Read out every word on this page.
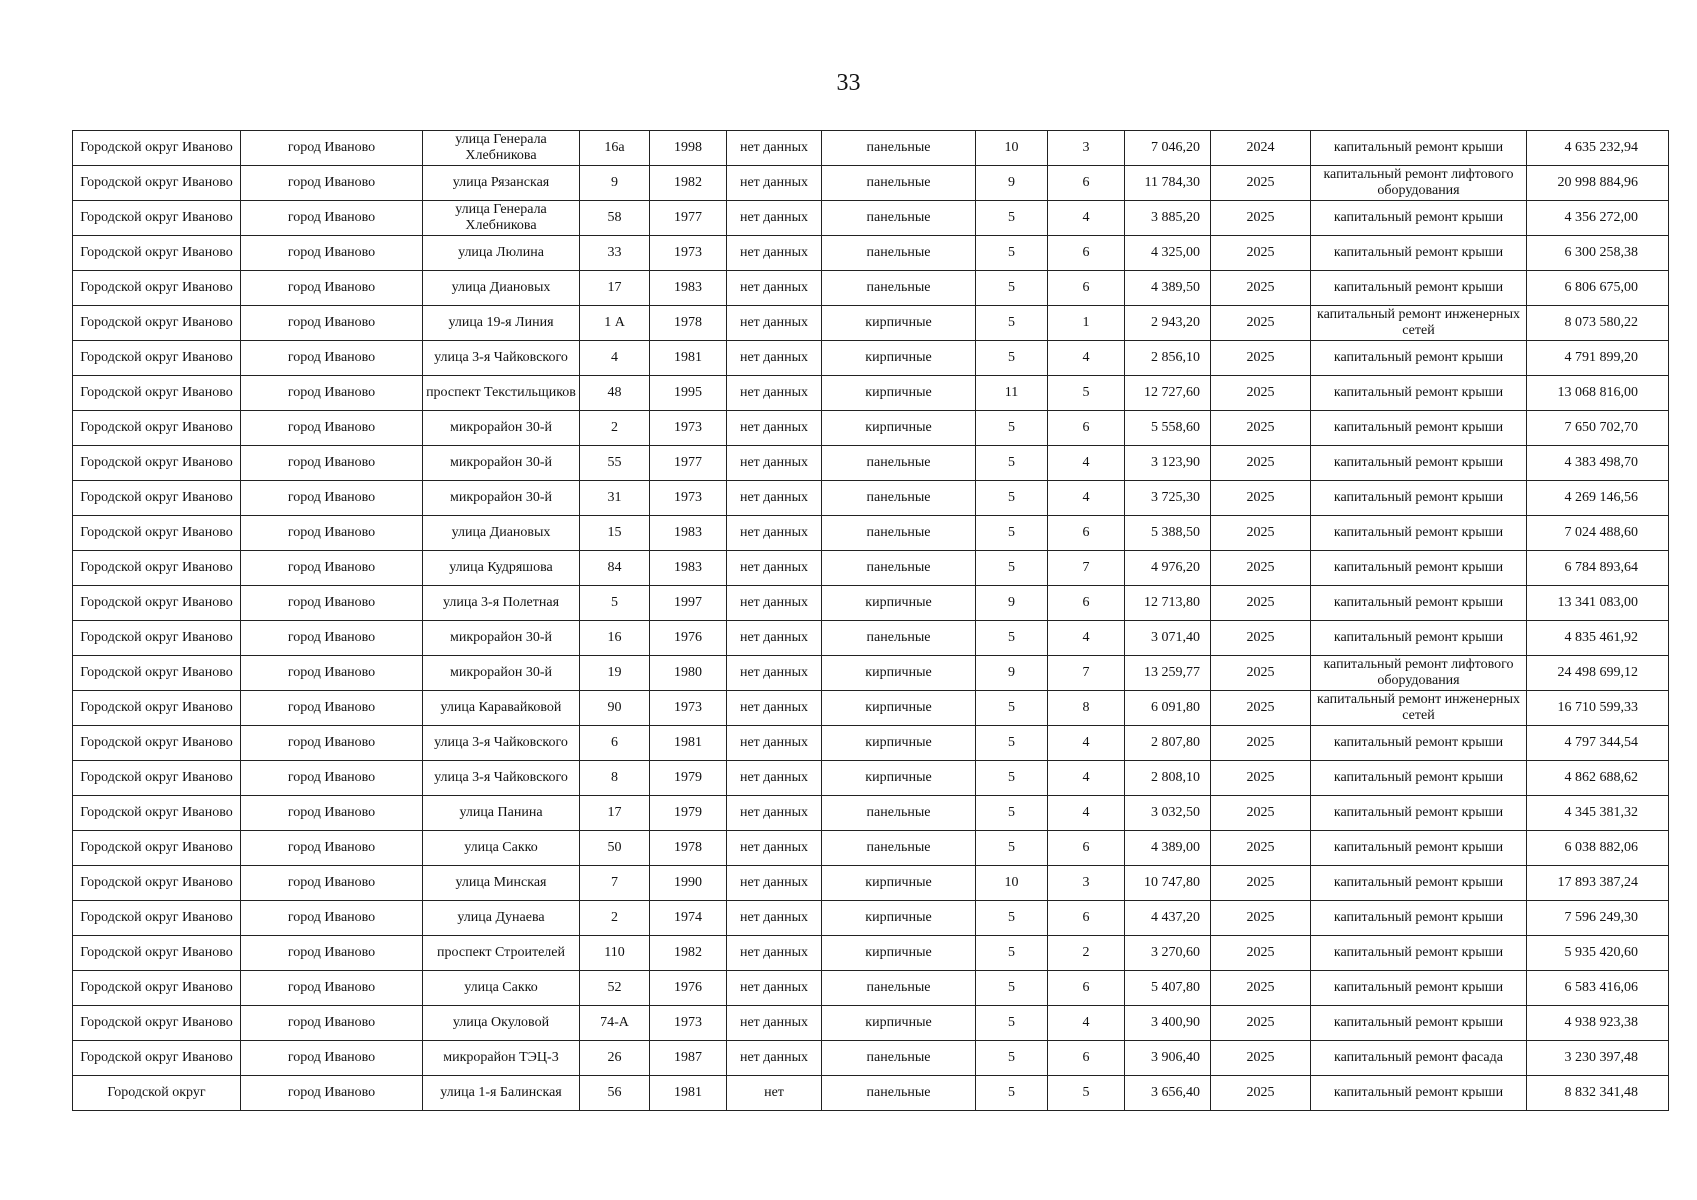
33
Городской округ Иваново	город Иваново	улица Генерала Хлебникова	16а	1998	нет данных	панельные	10	3	7 046,20	2024	капитальный ремонт крыши	4 635 232,94
Городской округ Иваново	город Иваново	улица Рязанская	9	1982	нет данных	панельные	9	6	11 784,30	2025	капитальный ремонт лифтового оборудования	20 998 884,96
Городской округ Иваново	город Иваново	улица Генерала Хлебникова	58	1977	нет данных	панельные	5	4	3 885,20	2025	капитальный ремонт крыши	4 356 272,00
Городской округ Иваново	город Иваново	улица Люлина	33	1973	нет данных	панельные	5	6	4 325,00	2025	капитальный ремонт крыши	6 300 258,38
Городской округ Иваново	город Иваново	улица Диановых	17	1983	нет данных	панельные	5	6	4 389,50	2025	капитальный ремонт крыши	6 806 675,00
Городской округ Иваново	город Иваново	улица 19-я Линия	1 А	1978	нет данных	кирпичные	5	1	2 943,20	2025	капитальный ремонт инженерных сетей	8 073 580,22
Городской округ Иваново	город Иваново	улица 3-я Чайковского	4	1981	нет данных	кирпичные	5	4	2 856,10	2025	капитальный ремонт крыши	4 791 899,20
Городской округ Иваново	город Иваново	проспект Текстильщиков	48	1995	нет данных	кирпичные	11	5	12 727,60	2025	капитальный ремонт крыши	13 068 816,00
Городской округ Иваново	город Иваново	микрорайон 30-й	2	1973	нет данных	кирпичные	5	6	5 558,60	2025	капитальный ремонт крыши	7 650 702,70
Городской округ Иваново	город Иваново	микрорайон 30-й	55	1977	нет данных	панельные	5	4	3 123,90	2025	капитальный ремонт крыши	4 383 498,70
Городской округ Иваново	город Иваново	микрорайон 30-й	31	1973	нет данных	панельные	5	4	3 725,30	2025	капитальный ремонт крыши	4 269 146,56
Городской округ Иваново	город Иваново	улица Диановых	15	1983	нет данных	панельные	5	6	5 388,50	2025	капитальный ремонт крыши	7 024 488,60
Городской округ Иваново	город Иваново	улица Кудряшова	84	1983	нет данных	панельные	5	7	4 976,20	2025	капитальный ремонт крыши	6 784 893,64
Городской округ Иваново	город Иваново	улица 3-я Полетная	5	1997	нет данных	кирпичные	9	6	12 713,80	2025	капитальный ремонт крыши	13 341 083,00
Городской округ Иваново	город Иваново	микрорайон 30-й	16	1976	нет данных	панельные	5	4	3 071,40	2025	капитальный ремонт крыши	4 835 461,92
Городской округ Иваново	город Иваново	микрорайон 30-й	19	1980	нет данных	кирпичные	9	7	13 259,77	2025	капитальный ремонт лифтового оборудования	24 498 699,12
Городской округ Иваново	город Иваново	улица Каравайковой	90	1973	нет данных	кирпичные	5	8	6 091,80	2025	капитальный ремонт инженерных сетей	16 710 599,33
Городской округ Иваново	город Иваново	улица 3-я Чайковского	6	1981	нет данных	кирпичные	5	4	2 807,80	2025	капитальный ремонт крыши	4 797 344,54
Городской округ Иваново	город Иваново	улица 3-я Чайковского	8	1979	нет данных	кирпичные	5	4	2 808,10	2025	капитальный ремонт крыши	4 862 688,62
Городской округ Иваново	город Иваново	улица Панина	17	1979	нет данных	панельные	5	4	3 032,50	2025	капитальный ремонт крыши	4 345 381,32
Городской округ Иваново	город Иваново	улица Сакко	50	1978	нет данных	панельные	5	6	4 389,00	2025	капитальный ремонт крыши	6 038 882,06
Городской округ Иваново	город Иваново	улица Минская	7	1990	нет данных	кирпичные	10	3	10 747,80	2025	капитальный ремонт крыши	17 893 387,24
Городской округ Иваново	город Иваново	улица Дунаева	2	1974	нет данных	кирпичные	5	6	4 437,20	2025	капитальный ремонт крыши	7 596 249,30
Городской округ Иваново	город Иваново	проспект Строителей	110	1982	нет данных	кирпичные	5	2	3 270,60	2025	капитальный ремонт крыши	5 935 420,60
Городской округ Иваново	город Иваново	улица Сакко	52	1976	нет данных	панельные	5	6	5 407,80	2025	капитальный ремонт крыши	6 583 416,06
Городской округ Иваново	город Иваново	улица Окуловой	74-А	1973	нет данных	кирпичные	5	4	3 400,90	2025	капитальный ремонт крыши	4 938 923,38
Городской округ Иваново	город Иваново	микрорайон ТЭЦ-3	26	1987	нет данных	панельные	5	6	3 906,40	2025	капитальный ремонт фасада	3 230 397,48
Городской округ	город Иваново	улица 1-я Балинская	56	1981	нет	панельные	5	5	3 656,40	2025	капитальный ремонт крыши	8 832 341,48
